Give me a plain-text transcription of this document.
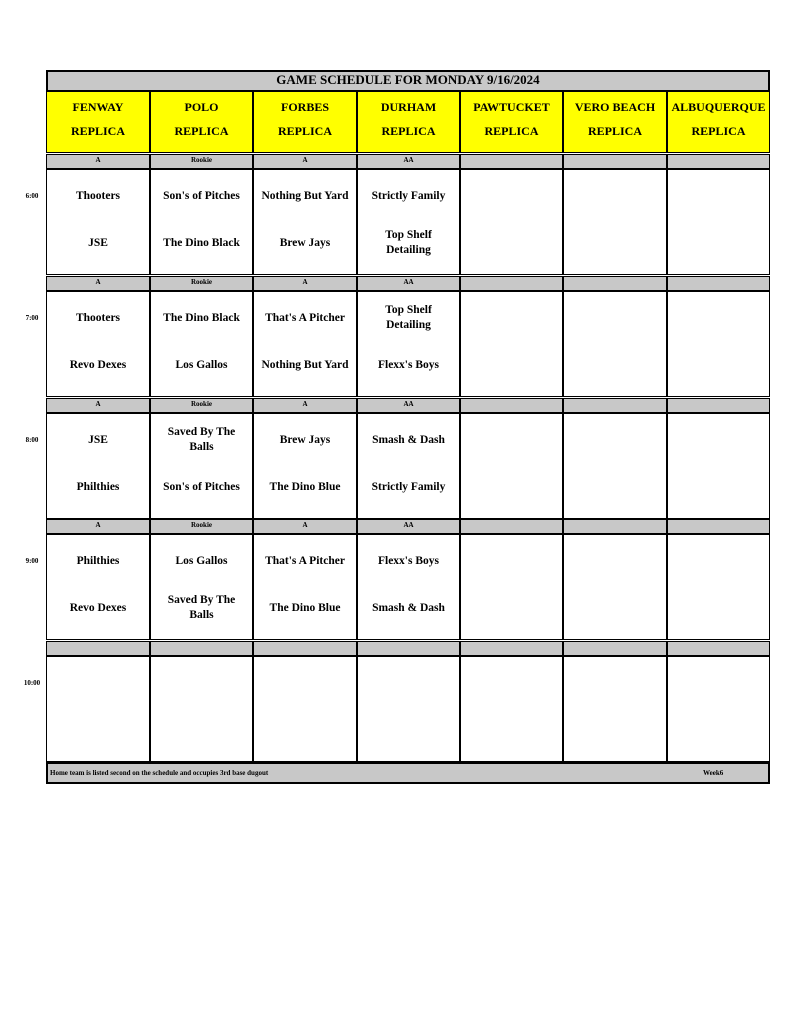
GAME SCHEDULE FOR MONDAY 9/16/2024
FENWAY
REPLICA
POLO
REPLICA
FORBES
REPLICA
DURHAM
REPLICA
PAWTUCKET
REPLICA
VERO BEACH
REPLICA
ALBUQUERQUE
REPLICA
6:00
A
Thooters
JSE
Rookie
Son's of Pitches
The Dino Black
A
Nothing But Yard
Brew Jays
AA
Strictly Family
Top Shelf Detailing
7:00
A
Thooters
Revo Dexes
Rookie
The Dino Black
Los Gallos
A
That's A Pitcher
Nothing But Yard
AA
Top Shelf Detailing
Flexx's Boys
8:00
A
JSE
Philthies
Rookie
Saved By The Balls
Son's of Pitches
A
Brew Jays
The Dino Blue
AA
Smash & Dash
Strictly Family
9:00
A
Philthies
Revo Dexes
Rookie
Los Gallos
Saved By The Balls
A
That's A Pitcher
The Dino Blue
AA
Flexx's Boys
Smash & Dash
10:00
Home team is listed second on the schedule and occupies 3rd base dugout	Week6
